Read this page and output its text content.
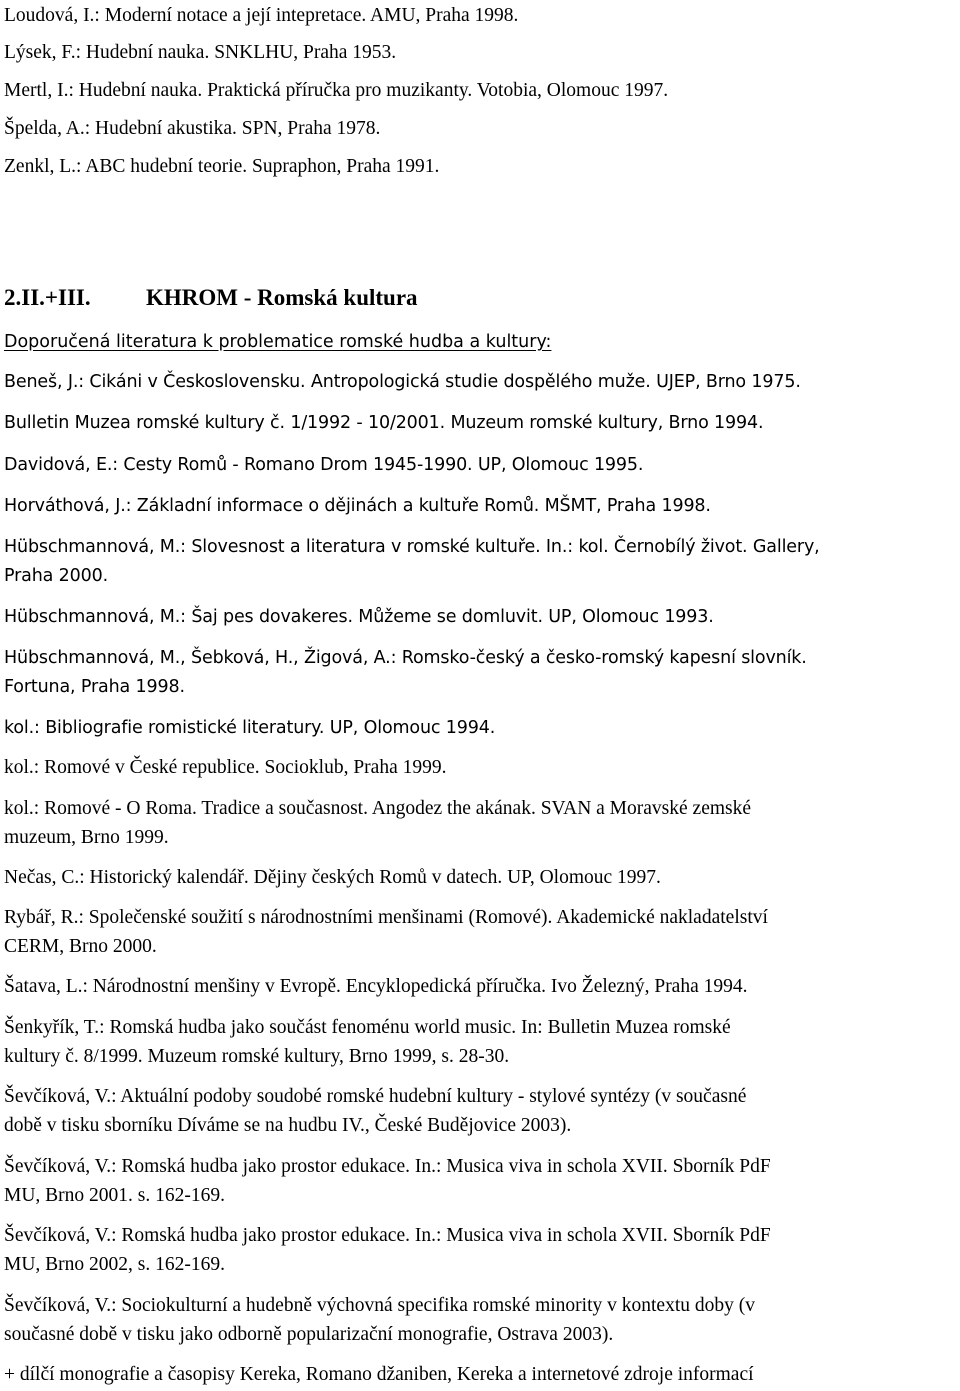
Loudová, I.: Moderní notace a její intepretace. AMU, Praha 1998.
Lýsek, F.: Hudební nauka. SNKLHU, Praha 1953.
Mertl, I.: Hudební nauka. Praktická příručka pro muzikanty. Votobia, Olomouc 1997.
Špelda, A.: Hudební akustika. SPN, Praha 1978.
Zenkl, L.: ABC hudební teorie. Supraphon, Praha 1991.
2.II.+III. KHROM - Romská kultura
Doporučená literatura k problematice romské hudba a kultury:
Beneš, J.: Cikáni v Československu. Antropologická studie dospělého muže. UJEP, Brno 1975.
Bulletin Muzea romské kultury č. 1/1992 - 10/2001. Muzeum romské kultury, Brno 1994.
Davidová, E.: Cesty Romů - Romano Drom 1945-1990. UP, Olomouc 1995.
Horváthová, J.: Základní informace o dějinách a kultuře Romů. MŠMT, Praha 1998.
Hübschmannová, M.: Slovesnost a literatura v romské kultuře. In.: kol. Černobílý život. Gallery,
Praha 2000.
Hübschmannová, M.: Šaj pes dovakeres. Můžeme se domluvit. UP, Olomouc 1993.
Hübschmannová, M., Šebková, H., Žigová, A.: Romsko-český a česko-romský kapesní slovník.
Fortuna, Praha 1998.
kol.: Bibliografie romistické literatury. UP, Olomouc 1994.
kol.: Romové v České republice. Socioklub, Praha 1999.
kol.: Romové - O Roma. Tradice a současnost. Angodez the akának. SVAN a Moravské zemské
muzeum, Brno 1999.
Nečas, C.: Historický kalendář. Dějiny českých Romů v datech. UP, Olomouc 1997.
Rybář, R.: Společenské soužití s národnostními menšinami (Romové). Akademické nakladatelství
CERM, Brno 2000.
Šatava, L.: Národnostní menšiny v Evropě. Encyklopedická příručka. Ivo Železný, Praha 1994.
Šenkyřík, T.: Romská hudba jako součást fenoménu world music. In: Bulletin Muzea romské
kultury č. 8/1999. Muzeum romské kultury, Brno 1999, s. 28-30.
Ševčíková, V.: Aktuální podoby soudobé romské hudební kultury - stylové syntézy (v současné
době v tisku sborníku Díváme se na hudbu IV., České Budějovice 2003).
Ševčíková, V.: Romská hudba jako prostor edukace. In.: Musica viva in schola XVII. Sborník PdF
MU, Brno 2001. s. 162-169.
Ševčíková, V.: Romská hudba jako prostor edukace. In.: Musica viva in schola XVII. Sborník PdF
MU, Brno 2002, s. 162-169.
Ševčíková, V.: Sociokulturní a hudebně výchovná specifika romské minority v kontextu doby (v
současné době v tisku jako odborně popularizační monografie, Ostrava 2003).
+ dílčí monografie a časopisy Kereka, Romano džaniben, Kereka a internetové zdroje informací
